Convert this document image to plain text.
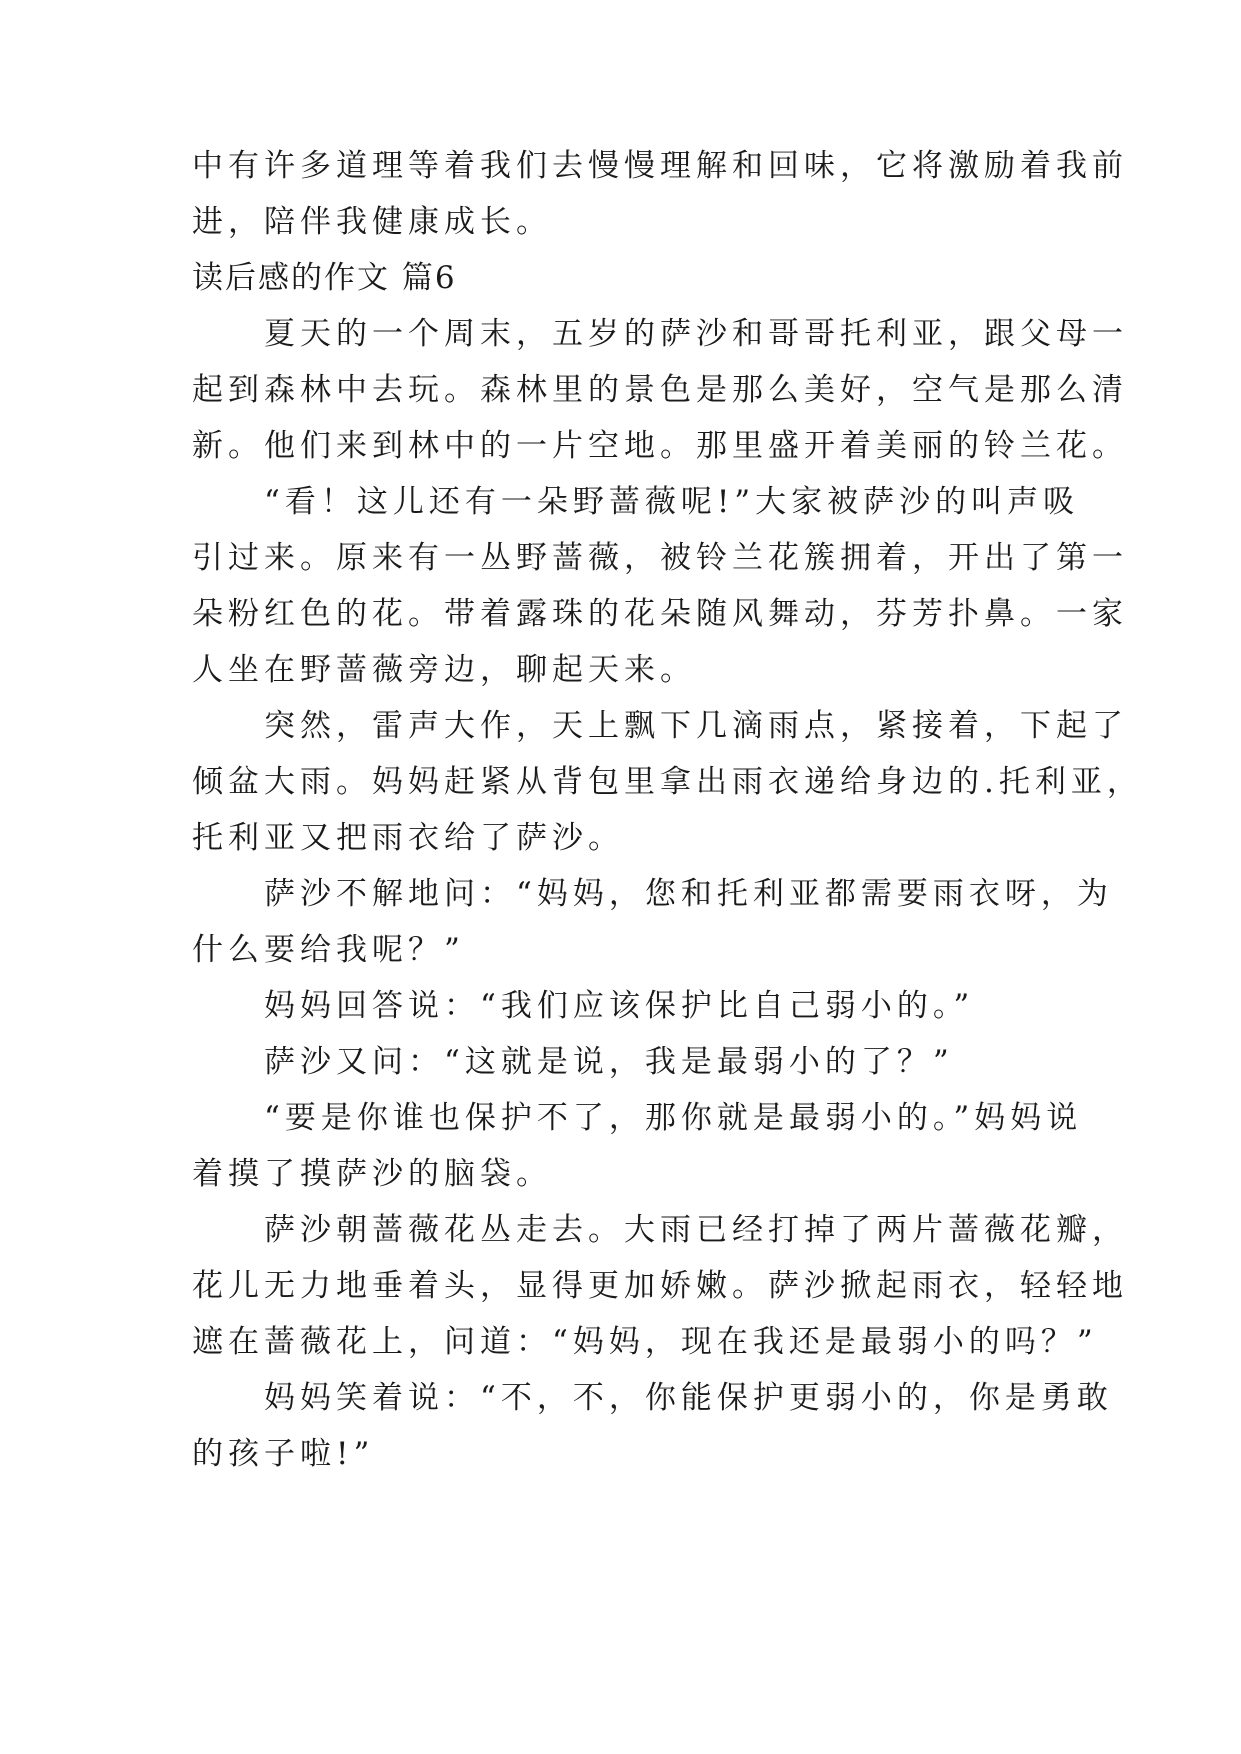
中有许多道理等着我们去慢慢理解和回味，它将激励着我前
进，陪伴我健康成长。
读后感的作文 篇6
　　夏天的一个周末，五岁的萨沙和哥哥托利亚，跟父母一
起到森林中去玩。森林里的景色是那么美好，空气是那么清
新。他们来到林中的一片空地。那里盛开着美丽的铃兰花。
　　“看！这儿还有一朵野蔷薇呢!”大家被萨沙的叫声吸
引过来。原来有一丛野蔷薇，被铃兰花簇拥着，开出了第一
朵粉红色的花。带着露珠的花朵随风舞动，芬芳扑鼻。一家
人坐在野蔷薇旁边，聊起天来。
　　突然，雷声大作，天上飘下几滴雨点，紧接着，下起了
倾盆大雨。妈妈赶紧从背包里拿出雨衣递给身边的.托利亚，
托利亚又把雨衣给了萨沙。
　　萨沙不解地问：“妈妈，您和托利亚都需要雨衣呀，为
什么要给我呢？”
　　妈妈回答说：“我们应该保护比自己弱小的。”
　　萨沙又问：“这就是说，我是最弱小的了？”
　　“要是你谁也保护不了，那你就是最弱小的。”妈妈说
着摸了摸萨沙的脑袋。
　　萨沙朝蔷薇花丛走去。大雨已经打掉了两片蔷薇花瓣，
花儿无力地垂着头，显得更加娇嫩。萨沙掀起雨衣，轻轻地
遮在蔷薇花上，问道：“妈妈，现在我还是最弱小的吗？”
　　妈妈笑着说：“不，不，你能保护更弱小的，你是勇敢
的孩子啦!”
